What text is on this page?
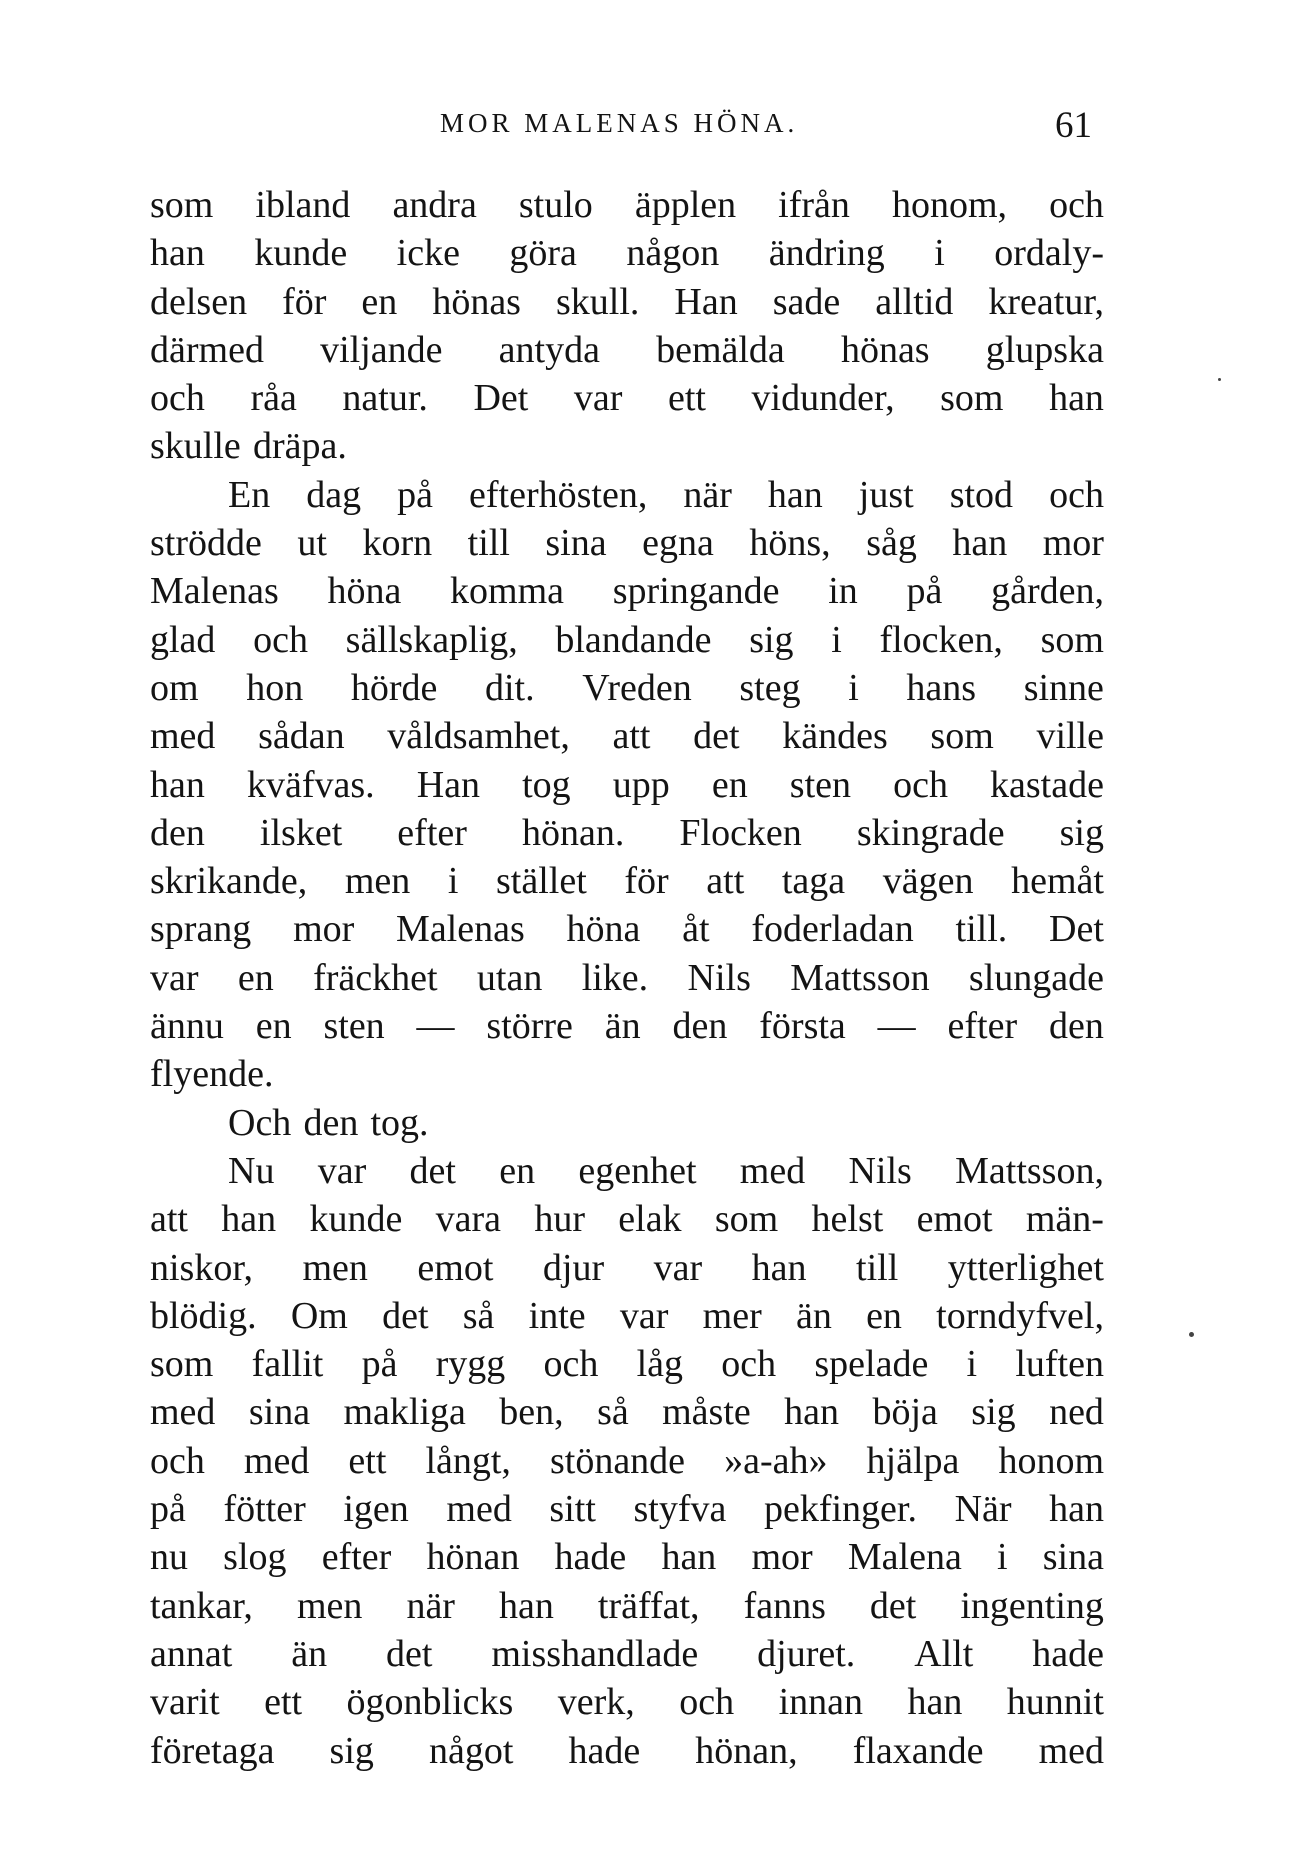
MOR MALENAS HÖNA.	61
som ibland andra stulo äpplen ifrån honom, och
han kunde icke göra någon ändring i ordaly-
delsen för en hönas skull. Han sade alltid kreatur,
därmed viljande antyda bemälda hönas glupska
och råa natur. Det var ett vidunder, som han
skulle dräpa.
En dag på efterhösten, när han just stod och
strödde ut korn till sina egna höns, såg han mor
Malenas höna komma springande in på gården,
glad och sällskaplig, blandande sig i flocken, som
om hon hörde dit. Vreden steg i hans sinne
med sådan våldsamhet, att det kändes som ville
han kväfvas. Han tog upp en sten och kastade
den ilsket efter hönan. Flocken skingrade sig
skrikande, men i stället för att taga vägen hemåt
sprang mor Malenas höna åt foderladan till. Det
var en fräckhet utan like. Nils Mattsson slungade
ännu en sten — större än den första — efter den
flyende.
Och den tog.
Nu var det en egenhet med Nils Mattsson,
att han kunde vara hur elak som helst emot män-
niskor, men emot djur var han till ytterlighet
blödig. Om det så inte var mer än en torndyfvel,
som fallit på rygg och låg och spelade i luften
med sina makliga ben, så måste han böja sig ned
och med ett långt, stönande »a-ah» hjälpa honom
på fötter igen med sitt styfva pekfinger. När han
nu slog efter hönan hade han mor Malena i sina
tankar, men när han träffat, fanns det ingenting
annat än det misshandlade djuret. Allt hade
varit ett ögonblicks verk, och innan han hunnit
företaga sig något hade hönan, flaxande med
